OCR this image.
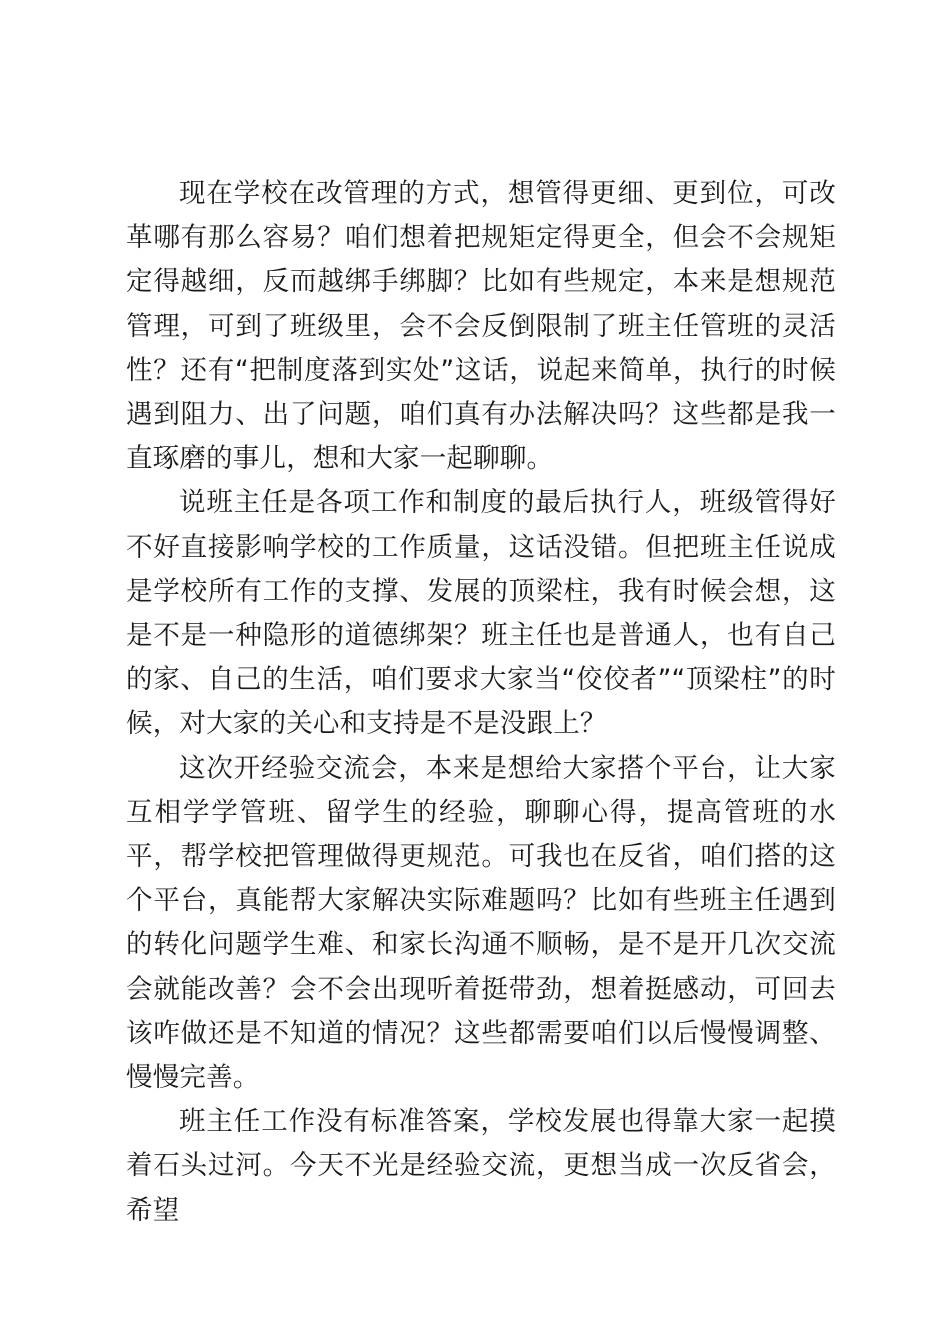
现在学校在改管理的方式，想管得更细、更到位，可改革哪有那么容易？咱们想着把规矩定得更全，但会不会规矩定得越细，反而越绑手绑脚？比如有些规定，本来是想规范管理，可到了班级里，会不会反倒限制了班主任管班的灵活性？还有“把制度落到实处”这话，说起来简单，执行的时候遇到阻力、出了问题，咱们真有办法解决吗？这些都是我一直琢磨的事儿，想和大家一起聊聊。

说班主任是各项工作和制度的最后执行人，班级管得好不好直接影响学校的工作质量，这话没错。但把班主任说成是学校所有工作的支撑、发展的顶梁柱，我有时候会想，这是不是一种隐形的道德绑架？班主任也是普通人，也有自己的家、自己的生活，咱们要求大家当“佼佼者”“顶梁柱”的时候，对大家的关心和支持是不是没跟上？

这次开经验交流会，本来是想给大家搭个平台，让大家互相学学管班、留学生的经验，聊聊心得，提高管班的水平，帮学校把管理做得更规范。可我也在反省，咱们搭的这个平台，真能帮大家解决实际难题吗？比如有些班主任遇到的转化问题学生难、和家长沟通不顺畅，是不是开几次交流会就能改善？会不会出现听着挺带劲，想着挺感动，可回去该咋做还是不知道的情况？这些都需要咱们以后慢慢调整、慢慢完善。

班主任工作没有标准答案，学校发展也得靠大家一起摸着石头过河。今天不光是经验交流，更想当成一次反省会，希望
